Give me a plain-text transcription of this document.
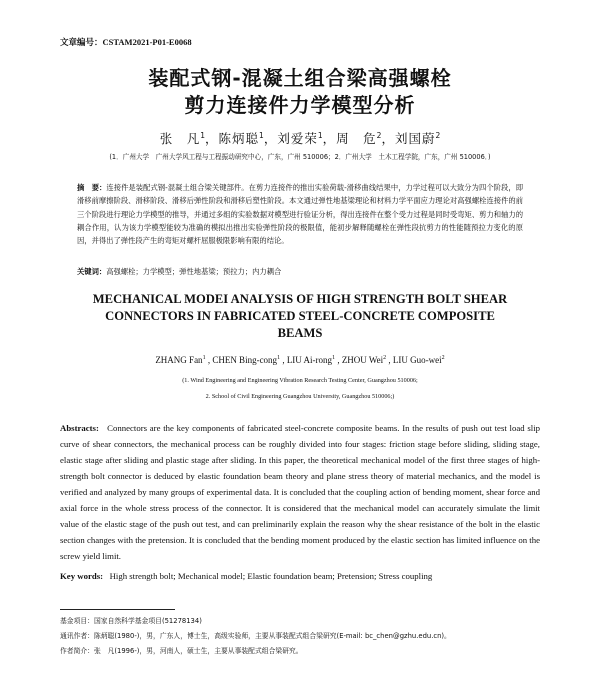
文章编号：CSTAM2021-P01-E0068
装配式钢-混凝土组合梁高强螺栓
剪力连接件力学模型分析
张　凡$^1$，陈炳聪$^1$，刘爱荣$^1$，周　危$^2$，刘国蔚$^2$
(1．广州大学　广州大学风工程与工程振动研究中心，广东，广州 510006；2．广州大学　土木工程学院，广东，广州 510006．)
摘　要：连接件是装配式钢-混凝土组合梁关键部件。在剪力连接件的推出实验荷载-滑移曲线结果中，力学过程可以大致分为四个阶段，即滑移前摩擦阶段、滑移阶段、滑移后弹性阶段和滑移后塑性阶段。本文通过弹性地基梁理论和材料力学平面应力理论对高强螺栓连接件的前三个阶段进行理论力学模型的推导，并通过多组的实验数据对模型进行验证分析，得出连接件在整个受力过程是同时受弯矩、剪力和轴力的耦合作用，认为该力学模型能较为准确的模拟出推出实验弹性阶段的极限值，能初步解释随螺栓在弹性段抗剪力的性能随预拉力变化的原因，并得出了弹性段产生的弯矩对螺杆屈服极限影响有限的结论。
关键词：高强螺栓；力学模型；弹性地基梁；预拉力；内力耦合
MECHANICAL MODEI ANALYSIS OF HIGH STRENGTH BOLT SHEAR
CONNECTORS IN FABRICATED STEEL-CONCRETE COMPOSITE
BEAMS
ZHANG Fan$^1$ , CHEN Bing-cong$^1$ , LIU Ai-rong$^1$ , ZHOU Wei$^2$ , LIU Guo-wei$^2$
(1. Wind Engineering and Engineering Vibration Research Testing Center, Guangzhou 510006;
2. School of Civil Engineering Guangzhou University, Guangzhou 510006;)
Abstracts: Connectors are the key components of fabricated steel-concrete composite beams. In the results of push out test load slip curve of shear connectors, the mechanical process can be roughly divided into four stages: friction stage before sliding, sliding stage, elastic stage after sliding and plastic stage after sliding. In this paper, the theoretical mechanical model of the first three stages of high-strength bolt connector is deduced by elastic foundation beam theory and plane stress theory of material mechanics, and the model is verified and analyzed by many groups of experimental data. It is concluded that the coupling action of bending moment, shear force and axial force in the whole stress process of the connector. It is considered that the mechanical model can accurately simulate the limit value of the elastic stage of the push out test, and can preliminarily explain the reason why the shear resistance of the bolt in the elastic section changes with the pretension. It is concluded that the bending moment produced by the elastic section has limited influence on the screw yield limit.
Key words: High strength bolt; Mechanical model; Elastic foundation beam; Pretension; Stress coupling
基金项目：国家自然科学基金项目(51278134)
通讯作者：陈炳聪(1980-)，男，广东人，博士生，高级实验师，主要从事装配式组合梁研究(E-mail: bc_chen@gzhu.edu.cn)。
作者简介：张　凡(1996-)，男，河南人，硕士生，主要从事装配式组合梁研究。
